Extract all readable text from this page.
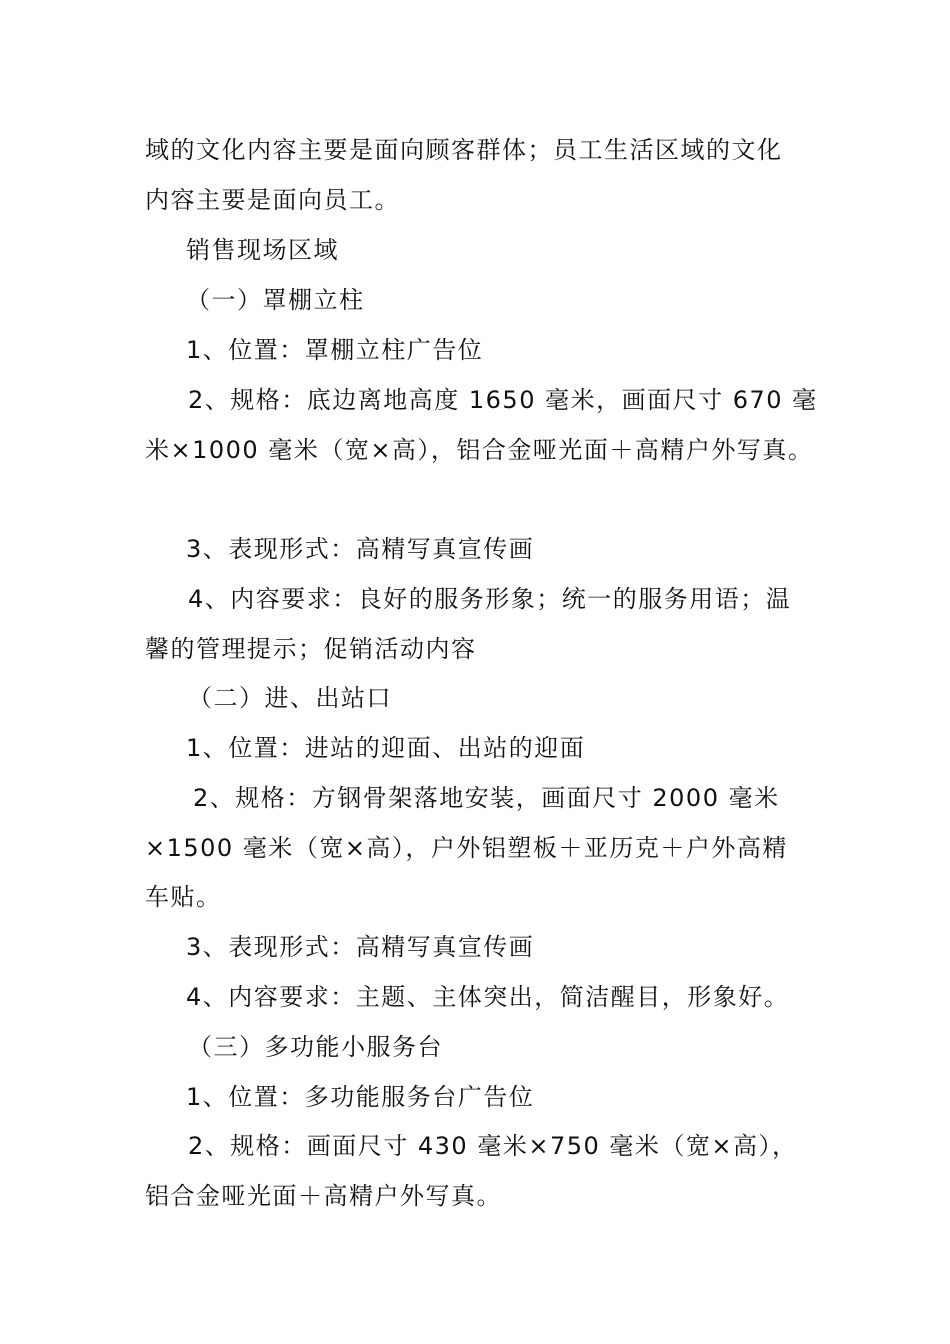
域的文化内容主要是面向顾客群体；员工生活区域的文化
内容主要是面向员工。
销售现场区域
（一）罩棚立柱
1、位置：罩棚立柱广告位
2、规格：底边离地高度 1650 毫米，画面尺寸 670 毫
米×1000 毫米（宽×高），铝合金哑光面＋高精户外写真。
3、表现形式：高精写真宣传画
4、内容要求：良好的服务形象；统一的服务用语；温
馨的管理提示；促销活动内容
（二）进、出站口
1、位置：进站的迎面、出站的迎面
2、规格：方钢骨架落地安装，画面尺寸 2000 毫米
×1500 毫米（宽×高），户外铝塑板＋亚历克＋户外高精
车贴。
3、表现形式：高精写真宣传画
4、内容要求：主题、主体突出，简洁醒目，形象好。
（三）多功能小服务台
1、位置：多功能服务台广告位
2、规格：画面尺寸 430 毫米×750 毫米（宽×高），
铝合金哑光面＋高精户外写真。
